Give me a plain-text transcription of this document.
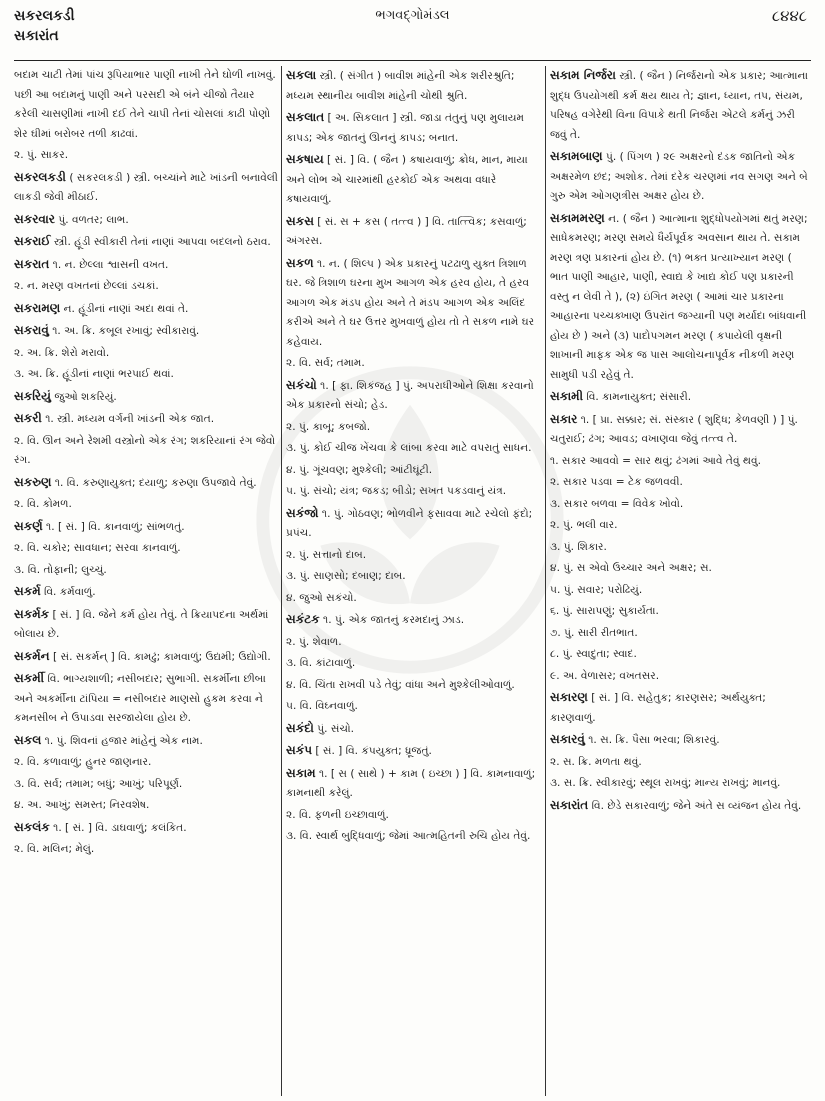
સકરલકડી
સકારાંત
ભગવદ્ગોમંડલ	૮૪૪૮
બદામ ચાટી તેમાં પાંચ રૂપિયાભાર પાણી નાખી તેને ઘોળી નાખવું. પછી આ બદામનું પાણી અને પરસદી એ બંને ચીજો તૈયાર કરેલી ચાસણીમાં નાખી દઈ તેને ચાપી તેનાં ચોસલાં કાઢી પોણો શેર ઘીમાં બરોબર તળી કાઢવાં.
૨. પું. સાકર.
સકરલકડી ( સકરલકડી ) સ્ત્રી. બચ્ચાંને માટે ખાંડની બનાવેલી લાકડી જેવી મીઠાઈ.
સકરવાર પું. વળતર; લાભ.
સકરાઈ સ્ત્રી. હૂંડી સ્વીકારી તેનાં નાણાં આપવા બદલનો ઠરાવ.
સકરાત ૧. ન. છેલ્લા શ્વાસની વખત.
૨. ન. મરણ વખતનાં છેલ્લાં ડચકાં.
સકરામણ ન. હૂંડીનાં નાણાં અદા થવાં તે.
સકરાવું ૧. અ. ક્રિ. કબૂલ રખાવું; સ્વીકારાવું.
૨. અ. ક્રિ. શેરો મરાવો.
૩. અ. ક્રિ. હૂંડીનાં નાણાં ભરપાઈ થવાં.
સકરિયું જુઓ શકરિયું.
સકરી ૧. સ્ત્રી. મધ્યમ વર્ગની ખાંડની એક જાત.
૨. વિ. ઊન અને રેશમી વસ્ત્રોનો એક રંગ; શકરિયાનાં રંગ જેવો રંગ.
સકરુણ ૧. વિ. કરુણાયુક્ત; દયાળુ; કરુણા ઉપજાવે તેવું.
૨. વિ. કોમળ.
સકર્ણ ૧. [ સં. ] વિ. કાનવાળું; સાંભળતું.
૨. વિ. ચકોર; સાવધાન; સરવા કાનવાળું.
૩. વિ. તોફાની; લુચ્ચું.
સકર્મ વિ. કર્મવાળું.
સકર્મક [ સં. ] વિ. જેને કર્મ હોય તેવું. તે ક્રિયાપદના અર્થમાં બોલાય છે.
સકર્મન [ સં. સકર્મન્ ] વિ. કામઢું; કામવાળું; ઉદ્યમી; ઉદ્યોગી.
સકર્મી વિ. ભાગ્યશાળી; નસીબદાર; સુભાગી. સકર્મીના છીબા અને અકર્મીના ટાંપિયા = નસીબદાર માણસો હુકમ કરવા ને કમનસીબ ને ઉપાડવા સરજાયેલા હોય છે.
સકલ ૧. પું. શિવનાં હજાર માંહેનું એક નામ.
૨. વિ. કળાવાળું; હુનર જાણનાર.
૩. વિ. સર્વ; તમામ; બધું; આખું; પરિપૂર્ણ.
૪. અ. આખું; સમસ્ત; નિરવશેષ.
સકલંક ૧. [ સં. ] વિ. ડાઘવાળું; કલંકિત.
૨. વિ. મલિન; મેલું.
સકલા સ્ત્રી. ( સંગીત ) બાવીશ માંહેની એક શરીરશ્રુતિ; મધ્યમ સ્થાનીય બાવીશ માંહેની ચોથી શ્રુતિ.
સકલાત [ અ. સિકલાત ] સ્ત્રી. જાડા તંતુનું પણ મુલાયમ કાપડ; એક જાતનું ઊનનું કાપડ; બનાત.
સકષાય [ સં. ] વિ. ( જૈન ) કષાયવાળું; ક્રોધ, માન, માયા અને લોભ એ ચારમાંથી હરકોઈ એક અથવા વધારે કષાયવાળું.
સકસ [ સં. સ + કસ ( તત્ત્વ ) ] વિ. તાત્ત્વિક; કસવાળું; અંગરસ.
સકળ ૧. ન. ( શિલ્પ ) એક પ્રકારનું પટઢાળુ યુક્ત ત્રિશાળ ઘર. જે ત્રિશાળ ઘરના મુખ આગળ એક હરવ હોય, તે હરવ આગળ એક મંડપ હોય અને તે મંડપ આગળ એક અલિંદ કરીએ અને તે ઘર ઉત્તર મુખવાળું હોય તો તે સકળ નામે ઘર કહેવાય.
૨. વિ. સર્વ; તમામ.
સકંચો ૧. [ ફા. શિકંજહ ] પું. અપરાધીઓને શિક્ષા કરવાનો એક પ્રકારનો સંચો; હેડ.
૨. પું. કાબૂ; કબજો.
૩. પું. કોઈ ચીજ ખેંચવા કે લાંબા કરવા માટે વપરાતું સાધન.
૪. પું. ગૂંચવણ; મુશ્કેલી; આંટીઘૂંટી.
૫. પું. સંચો; યંત્ર; જકડ; બીડો; સખત પકડવાનું યંત્ર.
સકંજો ૧. પું. ગોઠવણ; ભોળવીને ફસાવવા માટે રચેલો ફંદો; પ્રપંચ.
૨. પું. સત્તાનો દાબ.
૩. પું. સાણસો; દબાણ; દાબ.
૪. જુઓ સકંચો.
સકંટક ૧. પું. એક જાતનું કરમદાનું ઝાડ.
૨. પું. શેવાળ.
૩. વિ. કાંટાવાળું.
૪. વિ. ચિંતા રાખવી પડે તેવું; વાંધા અને મુશ્કેલીઓવાળું.
૫. વિ. વિઘ્નવાળું.
સકંદો પું. સંચો.
સકંપ [ સં. ] વિ. કંપયુક્ત; ધ્રૂજતું.
સકામ ૧. [ સ ( સાથે ) + કામ ( ઇચ્છા ) ] વિ. કામનાવાળું; કામનાથી કરેલું.
૨. વિ. ફળની ઇચ્છાવાળું.
૩. વિ. સ્વાર્થ બુદ્ધિવાળું; જેમાં આત્મહિતની રુચિ હોય તેવું.
સકામ નિર્જરા સ્ત્રી. ( જૈન ) નિર્જરાનો એક પ્રકાર; આત્માના શુદ્ધ ઉપયોગથી કર્મ ક્ષય થાય તે; જ્ઞાન, ધ્યાન, તપ, સંયમ, પરિષહ વગેરેથી વિના વિપાકે થતી નિર્જરા એટલે કર્મનું ઝરી જવું તે.
સકામબાણ પું. ( પિંગળ ) ૨૯ અક્ષરનો દંડક જાતિનો એક અક્ષરમેળ છંદ; અશોક. તેમાં દરેક ચરણમાં નવ સગણ અને બે ગુરુ એમ ઓગણત્રીસ અક્ષર હોય છે.
સકામમરણ ન. ( જૈન ) આત્માના શુદ્ધોપયોગમાં થતું મરણ; સાધેકમરણ; મરણ સમયે ધૈર્યપૂર્વક અવસાન થાય તે. સકામ મરણ ત્રણ પ્રકારનાં હોય છે. (૧) ભક્ત પ્રત્યાખ્યાન મરણ ( ભાત પાણી આહાર, પાણી, સ્વાદ્ય કે ખાદ્ય કોઈ પણ પ્રકારની વસ્તુ ન લેવી તે ), (૨) ઇંગિત મરણ ( આમાં ચાર પ્રકારના આહારના પચ્ચક્ખાણ ઉપરાંત જગ્યાની પણ મર્યાદા બાંધવાની હોય છે ) અને (૩) પાદોપગમન મરણ ( કપાયેલી વૃક્ષની શાખાની માફક એક જ પાસ આલોચનાપૂર્વક નીકળી મરણ સામુધી પડી રહેવું તે.
સકામી વિ. કામનાયુક્ત; સંસારી.
સકાર ૧. [ પ્રા. સક્કાર; સં. સંસ્કાર ( શુદ્ધિ; કેળવણી ) ] પું. ચતુરાઈ; ઢંગ; આવડ; વખાણવા જેવું તત્ત્વ તે.
૧. સકાર આવવો = સાર થવું; ઢંગમાં આવે તેવું થવું.
૨. સકાર પડવા = ટેક જળવવી.
૩. સકાર બળવા = વિવેક ખોવો.
૨. પું. ભલી વાર.
૩. પું. શિકાર.
૪. પું. સ એવો ઉચ્ચાર અને અક્ષર; સ.
૫. પું. સવાર; પરોઢિયું.
૬. પું. સારાપણું; સુકાર્યતા.
૭. પું. સારી રીતભાત.
૮. પું. સ્વાદુતા; સ્વાદ.
૯. અ. વેળાસર; વખતસર.
સકારણ [ સં. ] વિ. સહેતુક; કારણસર; અર્થયુક્ત; કારણવાળું.
સકારવું ૧. સ. ક્રિ. પૈસા ભરવા; શિકારવું.
૨. સ. ક્રિ. મળતા થવું.
૩. સ. ક્રિ. સ્વીકારવું; સ્થૂલ રાખવું; માન્ય રાખવું; માનવું.
સકારાંત વિ. છેડે સકારવાળું; જેને અંતે સ વ્યંજન હોય તેવું.
